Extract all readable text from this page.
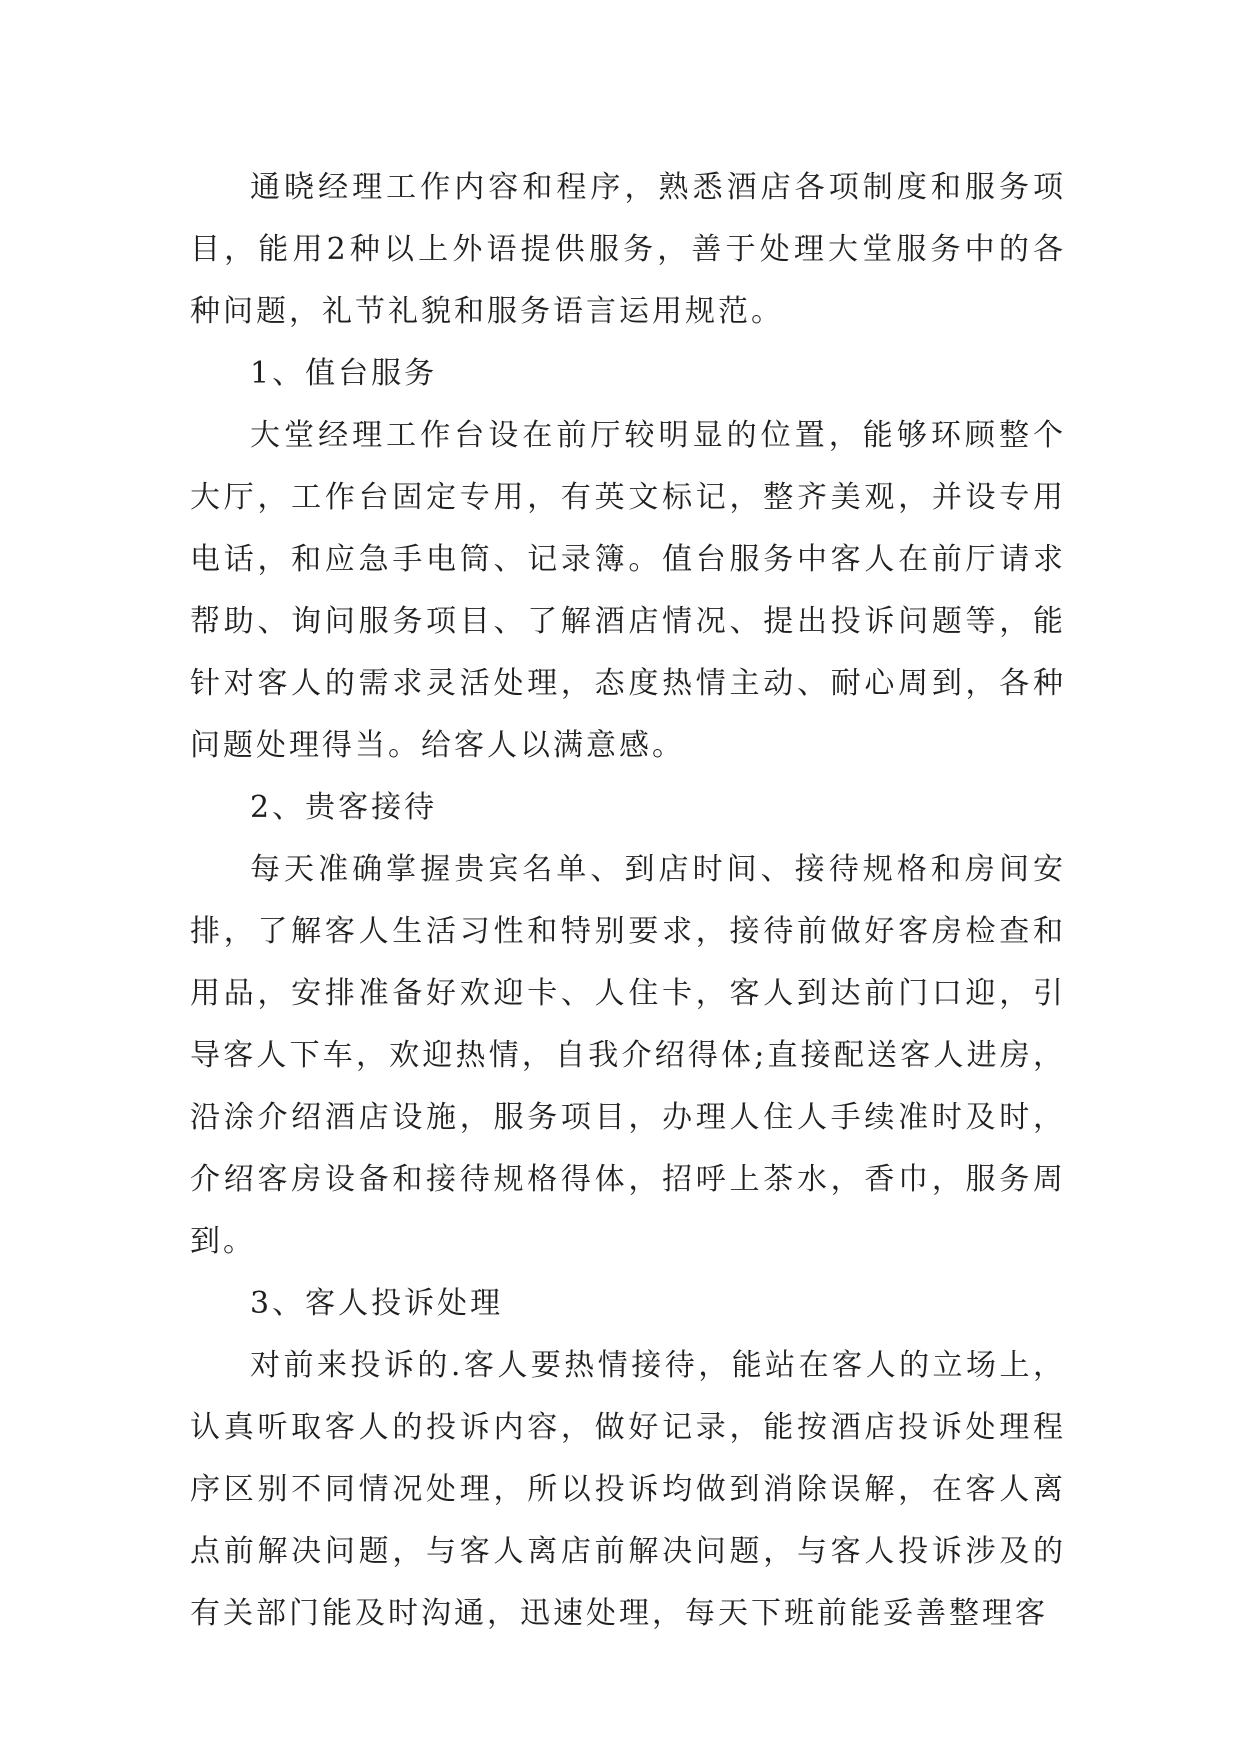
通晓经理工作内容和程序，熟悉酒店各项制度和服务项目，能用2种以上外语提供服务，善于处理大堂服务中的各种问题，礼节礼貌和服务语言运用规范。

1、值台服务

大堂经理工作台设在前厅较明显的位置，能够环顾整个大厅，工作台固定专用，有英文标记，整齐美观，并设专用电话，和应急手电筒、记录簿。值台服务中客人在前厅请求帮助、询问服务项目、了解酒店情况、提出投诉问题等，能针对客人的需求灵活处理，态度热情主动、耐心周到，各种问题处理得当。给客人以满意感。

2、贵客接待

每天准确掌握贵宾名单、到店时间、接待规格和房间安排，了解客人生活习性和特别要求，接待前做好客房检查和用品，安排准备好欢迎卡、人住卡，客人到达前门口迎，引导客人下车，欢迎热情，自我介绍得体;直接配送客人进房，沿涂介绍酒店设施，服务项目，办理人住人手续准时及时，介绍客房设备和接待规格得体，招呼上茶水，香巾，服务周到。

3、客人投诉处理

对前来投诉的.客人要热情接待，能站在客人的立场上，认真听取客人的投诉内容，做好记录，能按酒店投诉处理程序区别不同情况处理，所以投诉均做到消除误解，在客人离点前解决问题，与客人离店前解决问题，与客人投诉涉及的有关部门能及时沟通，迅速处理，每天下班前能妥善整理客
